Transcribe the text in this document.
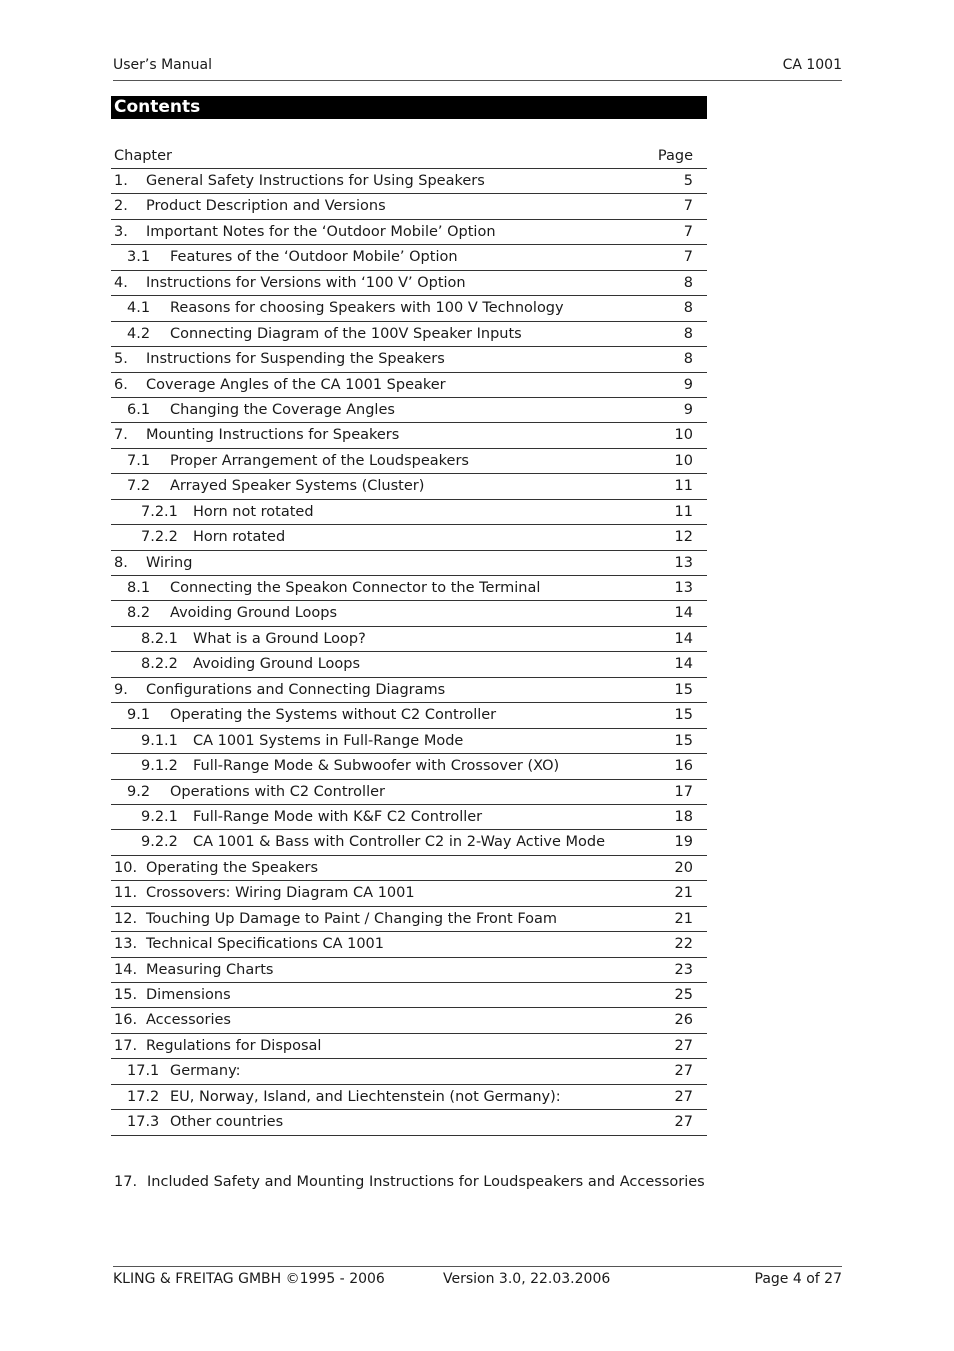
User’s Manual	CA 1001
Contents
Chapter	Page
1. General Safety Instructions for Using Speakers	5
2. Product Description and Versions	7
3. Important Notes for the ‘Outdoor Mobile’ Option	7
3.1 Features of the ‘Outdoor Mobile’ Option	7
4. Instructions for Versions with ‘100 V’ Option	8
4.1 Reasons for choosing Speakers with 100 V Technology	8
4.2 Connecting Diagram of the 100V Speaker Inputs	8
5. Instructions for Suspending the Speakers	8
6. Coverage Angles of the CA 1001 Speaker	9
6.1 Changing the Coverage Angles	9
7. Mounting Instructions for Speakers	10
7.1 Proper Arrangement of the Loudspeakers	10
7.2 Arrayed Speaker Systems (Cluster)	11
7.2.1 Horn not rotated	11
7.2.2 Horn rotated	12
8. Wiring	13
8.1 Connecting the Speakon Connector to the Terminal	13
8.2 Avoiding Ground Loops	14
8.2.1 What is a Ground Loop?	14
8.2.2 Avoiding Ground Loops	14
9. Configurations and Connecting Diagrams	15
9.1 Operating the Systems without C2 Controller	15
9.1.1 CA 1001 Systems in Full-Range Mode	15
9.1.2 Full-Range Mode & Subwoofer with Crossover (XO)	16
9.2 Operations with C2 Controller	17
9.2.1 Full-Range Mode with K&F C2 Controller	18
9.2.2 CA 1001 & Bass with Controller C2 in 2-Way Active Mode	19
10. Operating the Speakers	20
11. Crossovers: Wiring Diagram CA 1001	21
12. Touching Up Damage to Paint / Changing the Front Foam	21
13. Technical Specifications CA 1001	22
14. Measuring Charts	23
15. Dimensions	25
16. Accessories	26
17. Regulations for Disposal	27
17.1 Germany:	27
17.2 EU, Norway, Island, and Liechtenstein (not Germany):	27
17.3 Other countries	27
17. Included Safety and Mounting Instructions for Loudspeakers and Accessories
KLING & FREITAG GMBH ©1995 - 2006	Version 3.0, 22.03.2006	Page 4 of 27
